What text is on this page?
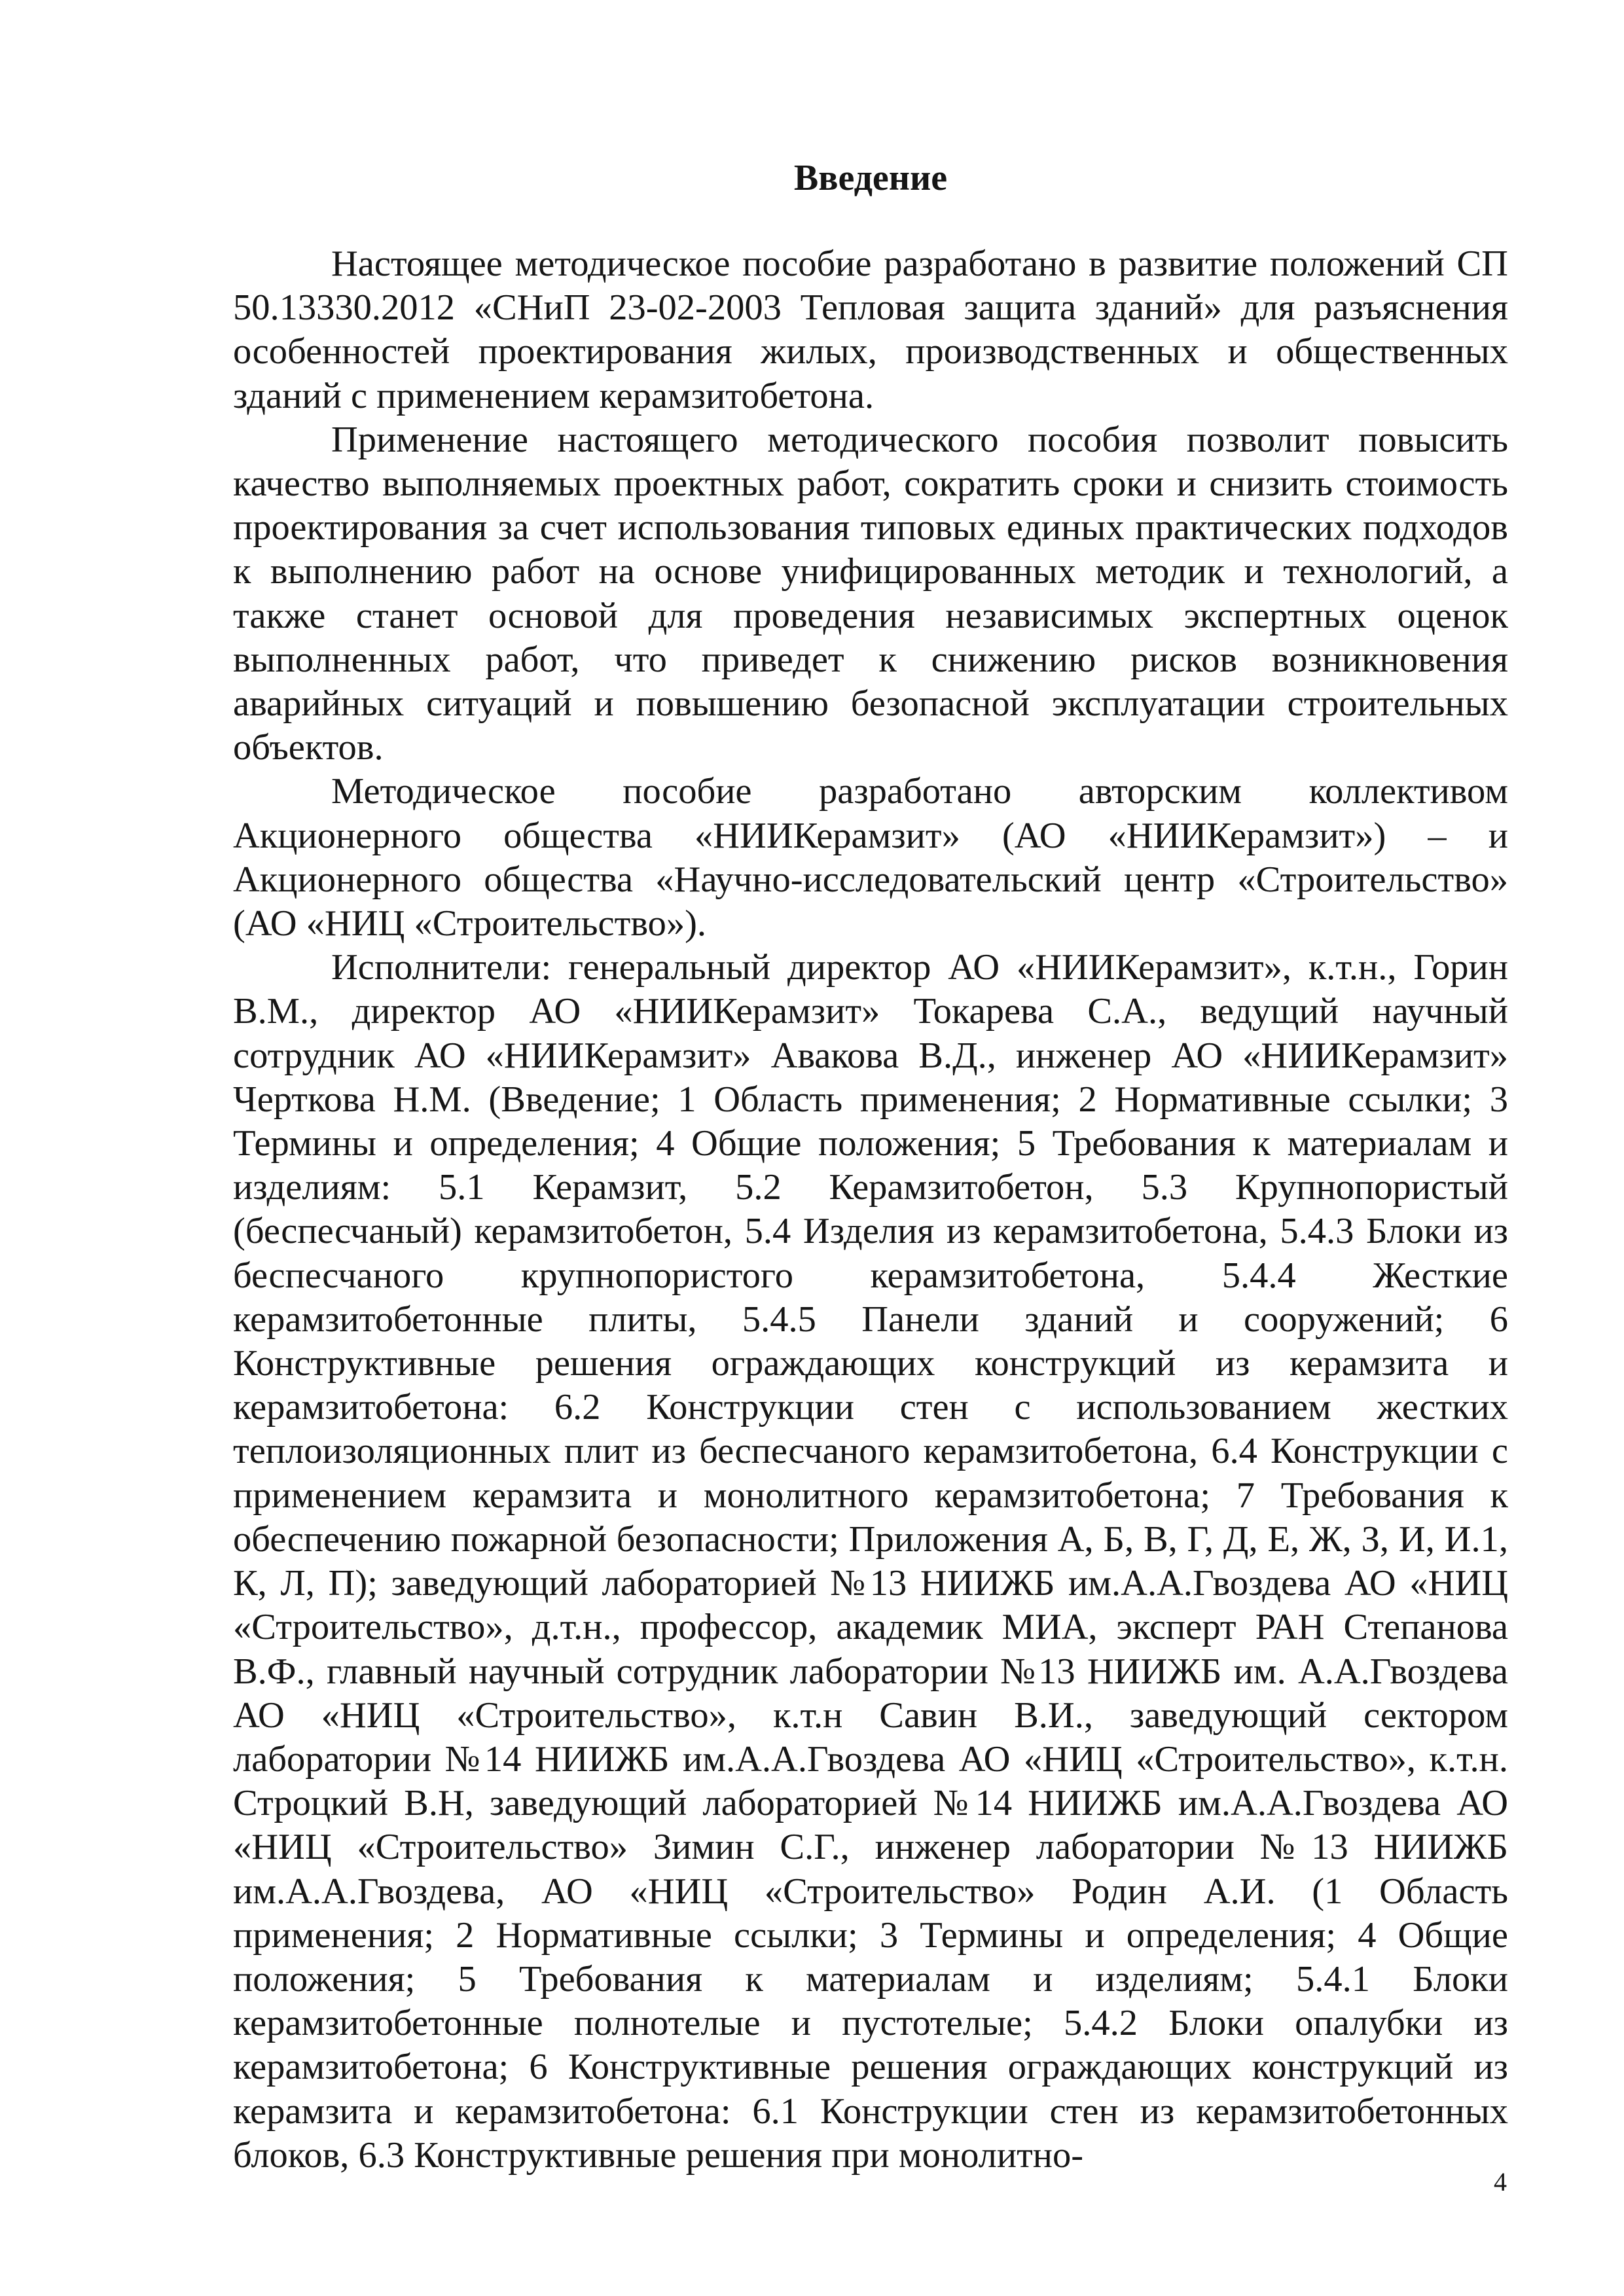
Введение

Настоящее методическое пособие разработано в развитие положений СП 50.13330.2012 «СНиП 23-02-2003 Тепловая защита зданий» для разъяснения особенностей проектирования жилых, производственных и общественных зданий с применением керамзитобетона.

Применение настоящего методического пособия позволит повысить качество выполняемых проектных работ, сократить сроки и снизить стоимость проектирования за счет использования типовых единых практических подходов к выполнению работ на основе унифицированных методик и технологий, а также станет основой для проведения независимых экспертных оценок выполненных работ, что приведет к снижению рисков возникновения аварийных ситуаций и повышению безопасной эксплуатации строительных объектов.

Методическое пособие разработано авторским коллективом Акционерного общества «НИИКерамзит» (АО «НИИКерамзит») – и Акционерного общества «Научно-исследовательский центр «Строительство» (АО «НИЦ «Строительство»).

Исполнители: генеральный директор АО «НИИКерамзит», к.т.н., Горин В.М., директор АО «НИИКерамзит» Токарева С.А., ведущий научный сотрудник АО «НИИКерамзит» Авакова В.Д., инженер АО «НИИКерамзит» Черткова Н.М. (Введение; 1 Область применения; 2 Нормативные ссылки; 3 Термины и определения; 4 Общие положения; 5 Требования к материалам и изделиям: 5.1 Керамзит, 5.2 Керамзитобетон, 5.3 Крупнопористый (беспесчаный) керамзитобетон, 5.4 Изделия из керамзитобетона, 5.4.3 Блоки из беспесчаного крупнопористого керамзитобетона, 5.4.4 Жесткие керамзитобетонные плиты, 5.4.5 Панели зданий и сооружений; 6 Конструктивные решения ограждающих конструкций из керамзита и керамзитобетона: 6.2 Конструкции стен с использованием жестких теплоизоляционных плит из беспесчаного керамзитобетона, 6.4 Конструкции с применением керамзита и монолитного керамзитобетона; 7 Требования к обеспечению пожарной безопасности; Приложения А, Б, В, Г, Д, Е, Ж, З, И, И.1, К, Л, П); заведующий лабораторией №13 НИИЖБ им.А.А.Гвоздева АО «НИЦ «Строительство», д.т.н., профессор, академик МИА, эксперт РАН Степанова В.Ф., главный научный сотрудник лаборатории №13 НИИЖБ им. А.А.Гвоздева АО «НИЦ «Строительство», к.т.н Савин В.И., заведующий сектором лаборатории №14 НИИЖБ им.А.А.Гвоздева АО «НИЦ «Строительство», к.т.н. Строцкий В.Н, заведующий лабораторией №14 НИИЖБ им.А.А.Гвоздева АО «НИЦ «Строительство» Зимин С.Г., инженер лаборатории №13 НИИЖБ им.А.А.Гвоздева, АО «НИЦ «Строительство» Родин А.И. (1 Область применения; 2 Нормативные ссылки; 3 Термины и определения; 4 Общие положения; 5 Требования к материалам и изделиям; 5.4.1 Блоки керамзитобетонные полнотелые и пустотелые; 5.4.2 Блоки опалубки из керамзитобетона; 6 Конструктивные решения ограждающих конструкций из керамзита и керамзитобетона: 6.1 Конструкции стен из керамзитобетонных блоков, 6.3 Конструктивные решения при монолитно-

4
